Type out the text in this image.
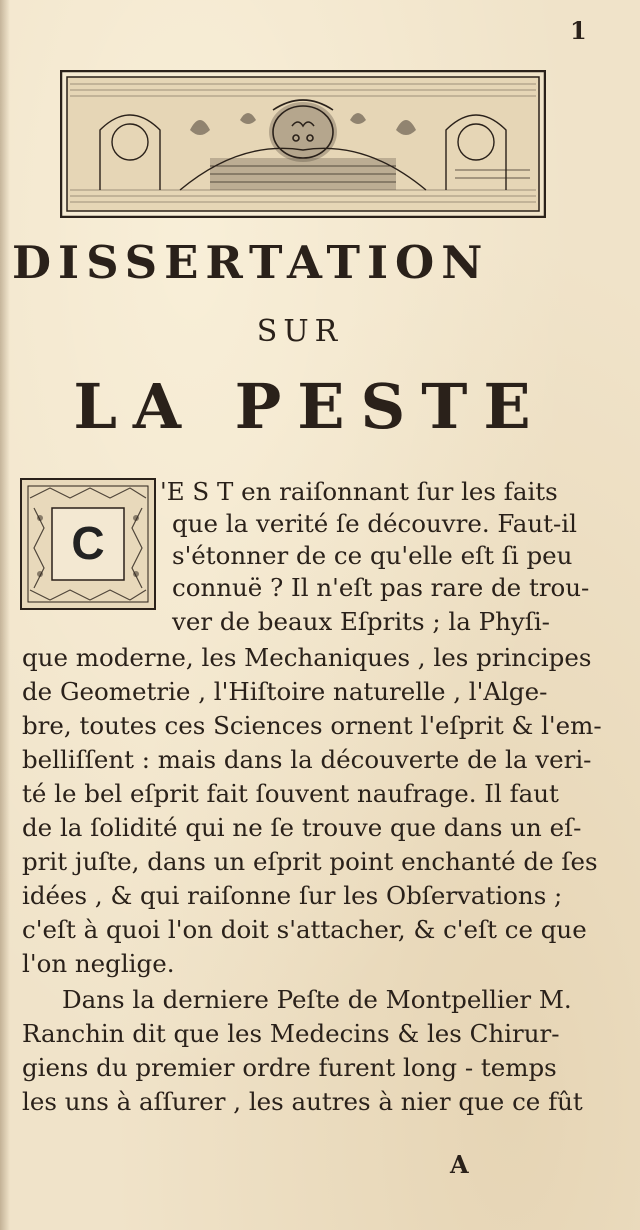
1
DISSERTATION
SUR
LA PESTE
C
'E S T en raiſonnant ſur les faits
que la verité ſe découvre. Faut-il
s'étonner de ce qu'elle eſt ſi peu
connuë ? Il n'eſt pas rare de trou-
ver de beaux Eſprits ; la Phyſi-
que moderne, les Mechaniques , les principes
de Geometrie , l'Hiſtoire naturelle , l'Alge-
bre, toutes ces Sciences ornent l'eſprit & l'em-
belliſſent : mais dans la découverte de la veri-
té le bel eſprit fait ſouvent naufrage. Il faut
de la ſolidité qui ne ſe trouve que dans un eſ-
prit juſte, dans un eſprit point enchanté de ſes
idées , & qui raiſonne ſur les Obſervations ;
c'eſt à quoi l'on doit s'attacher, & c'eſt ce que
l'on neglige.
Dans la derniere Peſte de Montpellier M.
Ranchin dit que les Medecins & les Chirur-
giens du premier ordre furent long - temps
les uns à aſſurer , les autres à nier que ce fût
A
